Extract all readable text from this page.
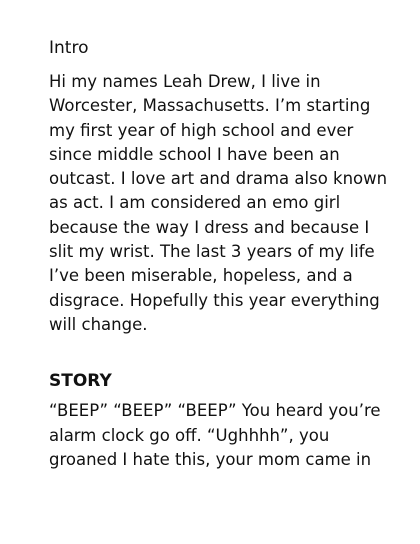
Intro

Hi my names Leah Drew, I live in
Worcester, Massachusetts. I’m starting
my first year of high school and ever
since middle school I have been an
outcast. I love art and drama also known
as act. I am considered an emo girl
because the way I dress and because I
slit my wrist. The last 3 years of my life
I’ve been miserable, hopeless, and a
disgrace. Hopefully this year everything
will change.

STORY

“BEEP” “BEEP” “BEEP” You heard you’re
alarm clock go off. “Ughhhh”, you
groaned I hate this, your mom came in
